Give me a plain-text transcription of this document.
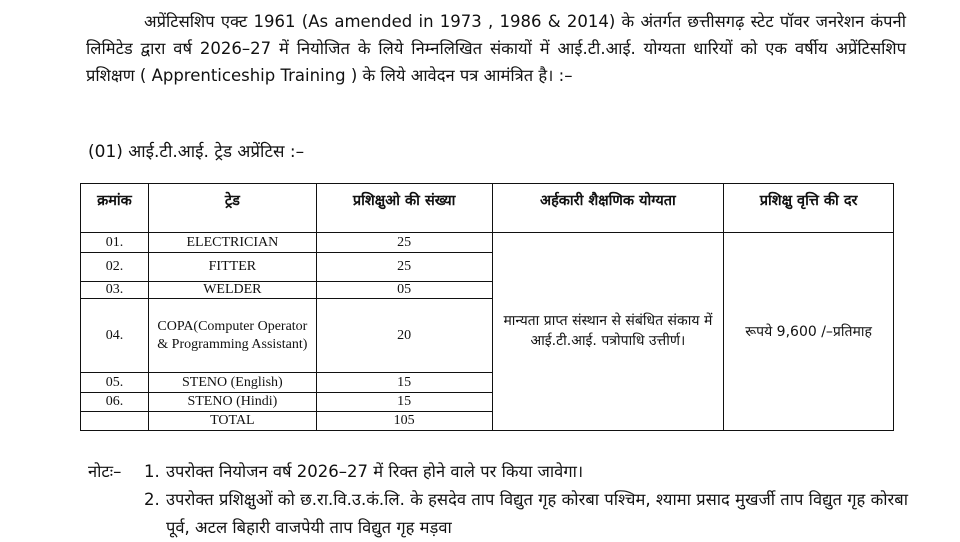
अप्रेंटिसशिप एक्ट 1961 (As amended in 1973 , 1986 & 2014) के अंतर्गत छत्तीसगढ़ स्टेट पॉवर जनरेशन कंपनी लिमिटेड द्वारा वर्ष 2026–27 में नियोजित के लिये निम्नलिखित संकायों में आई.टी.आई. योग्यता धारियों को एक वर्षीय अप्रेंटिसशिप प्रशिक्षण ( Apprenticeship Training ) के लिये आवेदन पत्र आमंत्रित है। :–
(01) आई.टी.आई. ट्रेड अप्रेंटिस :–
क्रमांक	ट्रेड	प्रशिक्षुओ की संख्या	अर्हकारी शैक्षणिक योग्यता	प्रशिक्षु वृत्ति की दर
01.	ELECTRICIAN	25	मान्यता प्राप्त संस्थान से संबंधित संकाय में आई.टी.आई. पत्रोपाधि उत्तीर्ण।	रूपये 9,600 /–प्रतिमाह
02.	FITTER	25		
03.	WELDER	05		
04.	COPA(Computer Operator & Programming Assistant)	20		
05.	STENO (English)	15		
06.	STENO (Hindi)	15		
	TOTAL	105		
नोटः–	1. उपरोक्त नियोजन वर्ष 2026–27 में रिक्त होने वाले पर किया जावेगा।
2. उपरोक्त प्रशिक्षुओं को छ.रा.वि.उ.कं.लि. के हसदेव ताप विद्युत गृह कोरबा पश्चिम, श्यामा प्रसाद मुखर्जी ताप विद्युत गृह कोरबा पूर्व, अटल बिहारी वाजपेयी ताप विद्युत गृह मड़वा
